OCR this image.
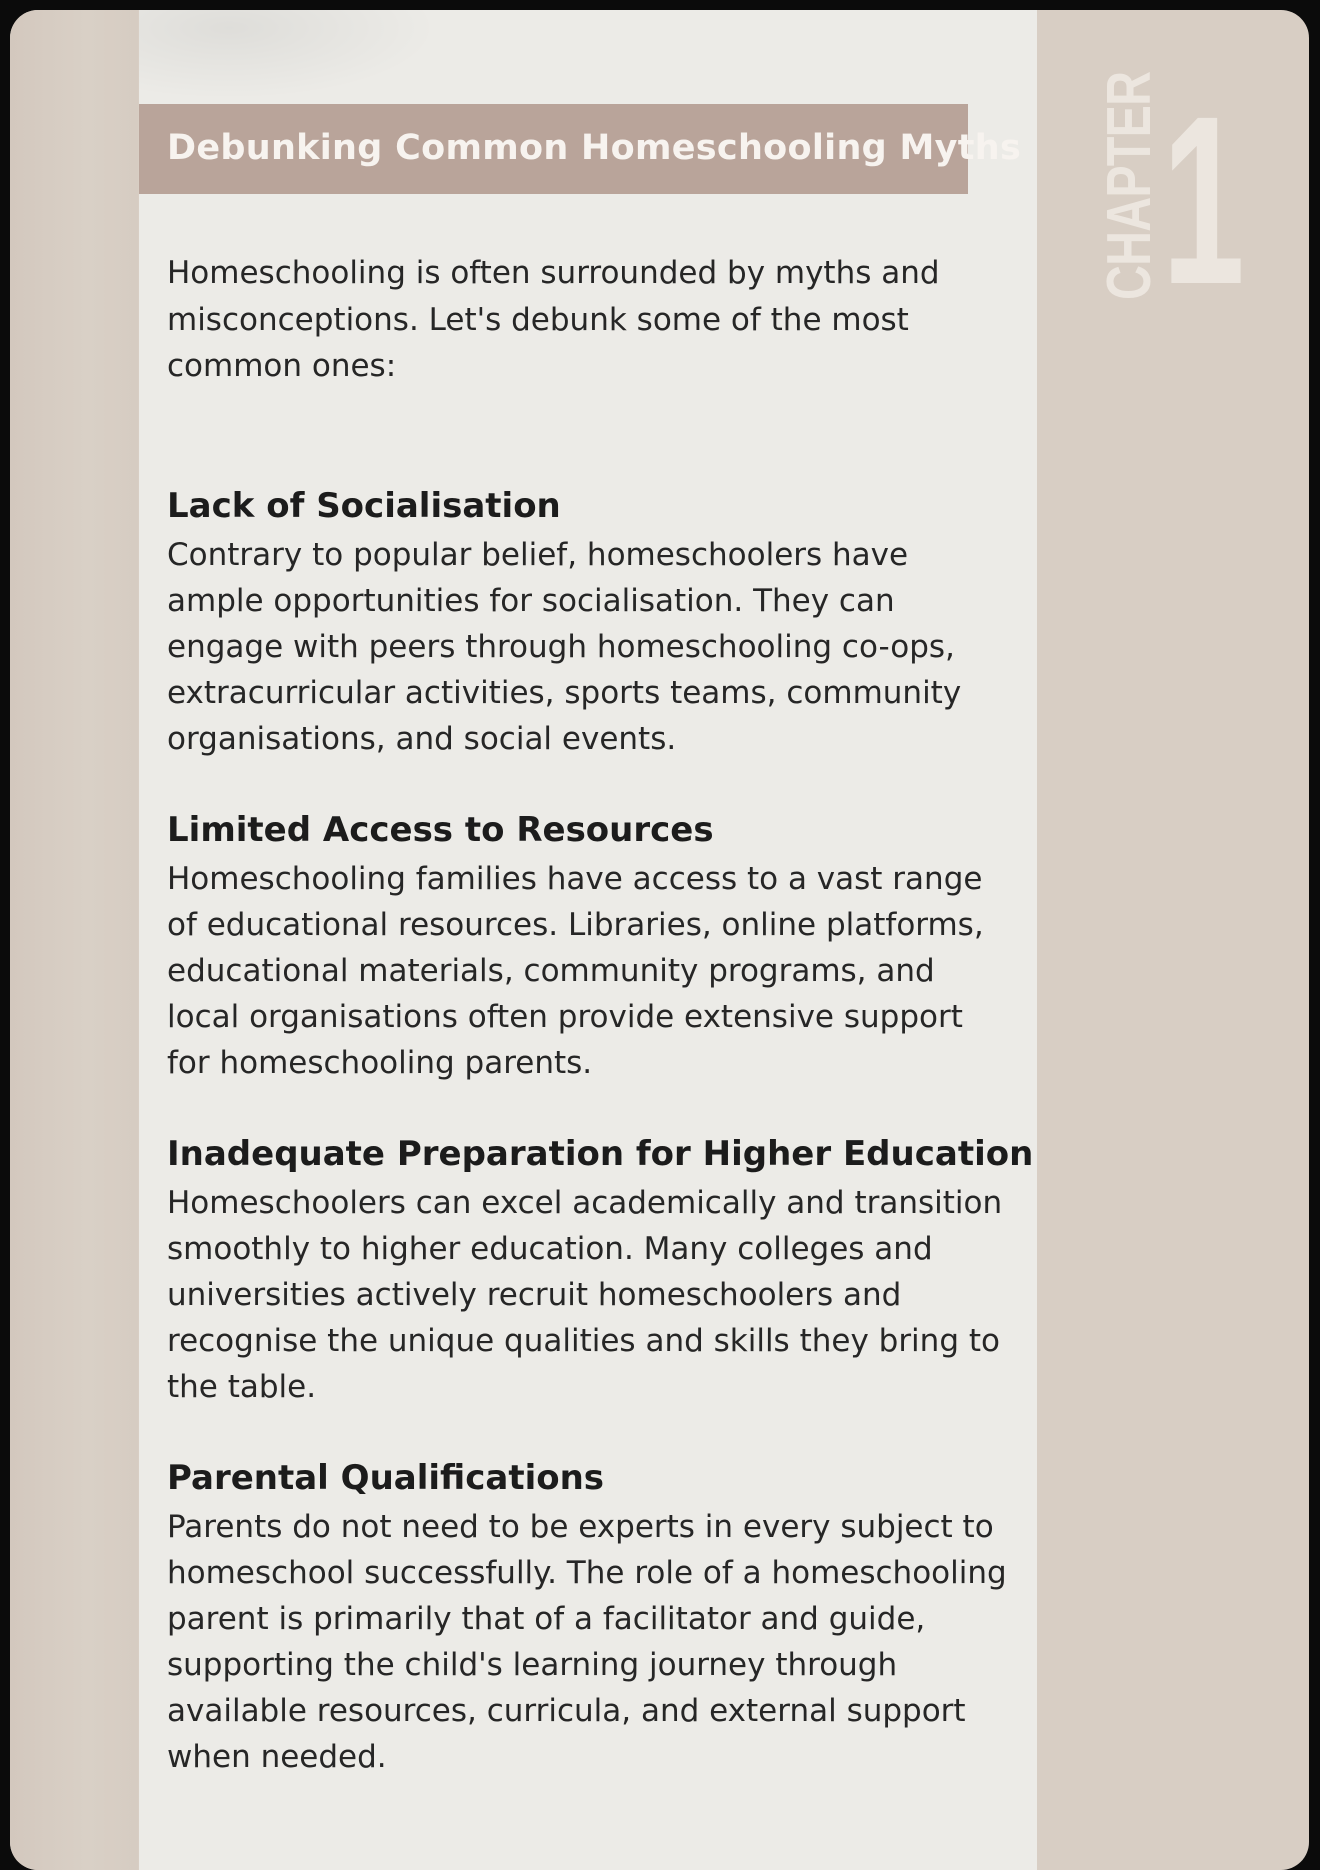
Debunking Common Homeschooling Myths

Homeschooling is often surrounded by myths and misconceptions. Let's debunk some of the most common ones:

Lack of Socialisation

Contrary to popular belief, homeschoolers have ample opportunities for socialisation. They can engage with peers through homeschooling co-ops, extracurricular activities, sports teams, community organisations, and social events.

Limited Access to Resources

Homeschooling families have access to a vast range of educational resources. Libraries, online platforms, educational materials, community programs, and local organisations often provide extensive support for homeschooling parents.

Inadequate Preparation for Higher Education

Homeschoolers can excel academically and transition smoothly to higher education. Many colleges and universities actively recruit homeschoolers and recognise the unique qualities and skills they bring to the table.

Parental Qualifications

Parents do not need to be experts in every subject to homeschool successfully. The role of a homeschooling parent is primarily that of a facilitator and guide, supporting the child's learning journey through available resources, curricula, and external support when needed.

CHAPTER
1
